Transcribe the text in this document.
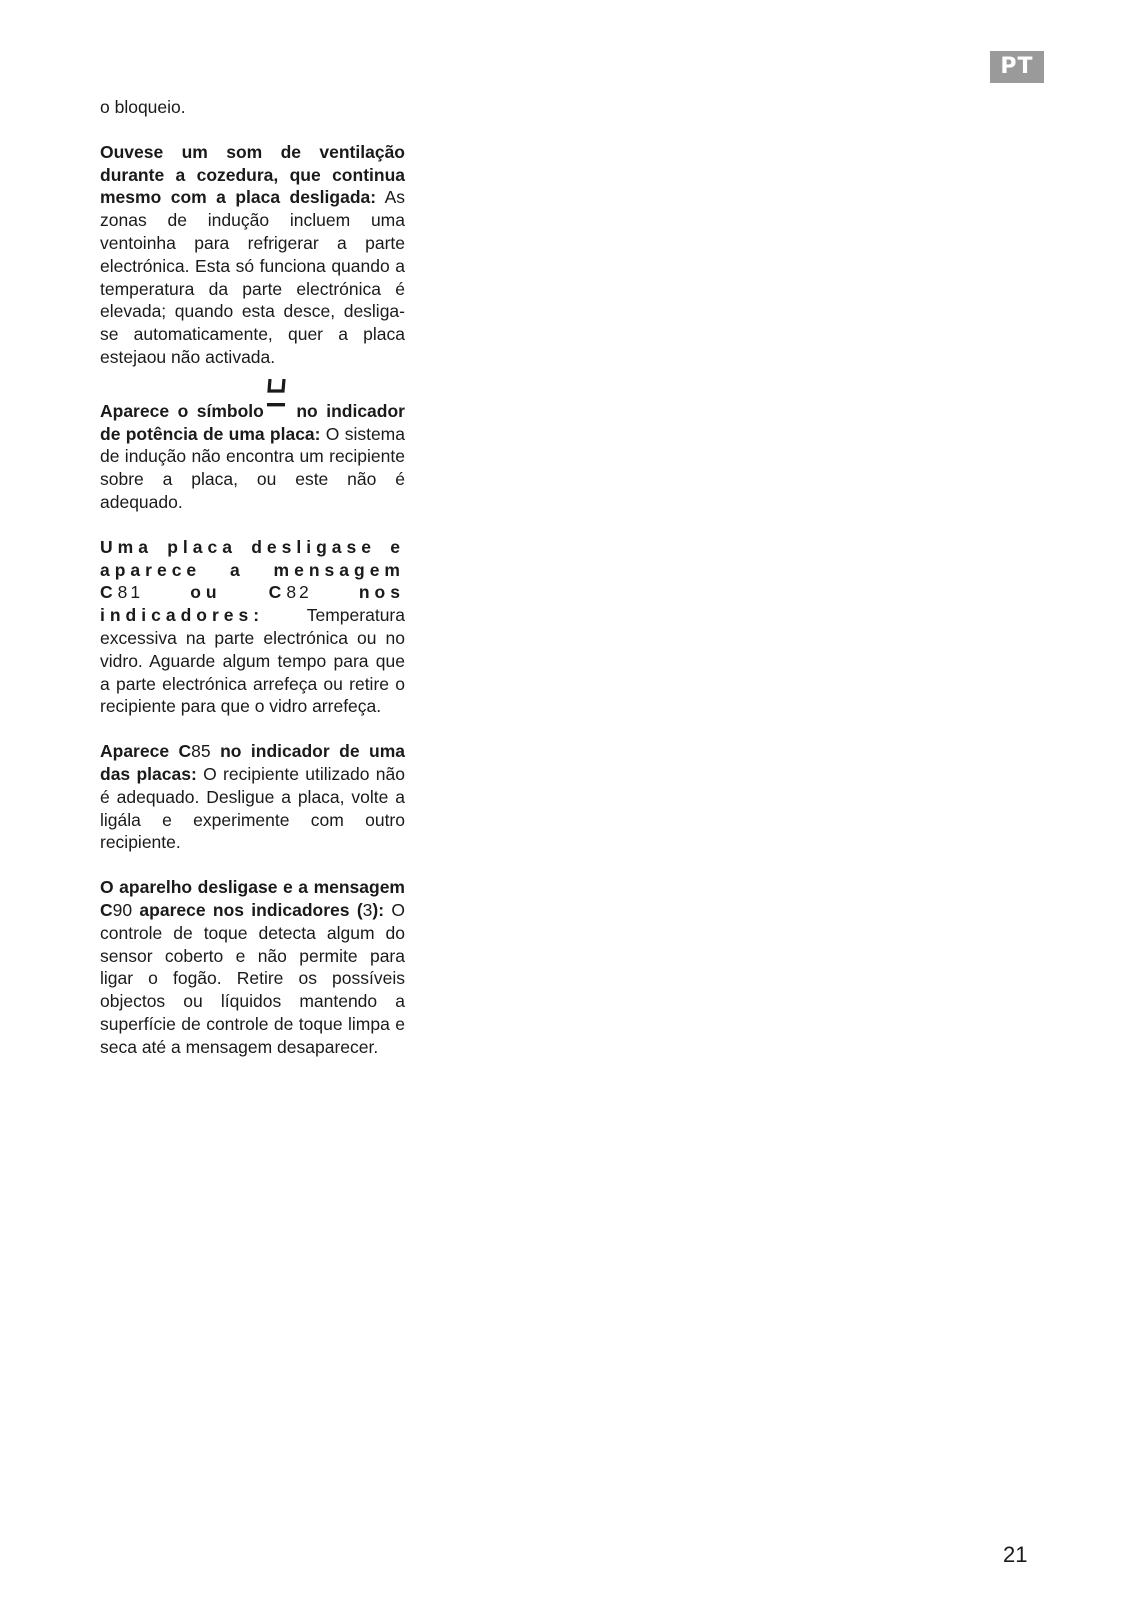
PT

o bloqueio.

Ouvese um som de ventilação durante a cozedura, que continua mesmo com a placa desligada: As zonas de indução incluem uma ventoinha para refrigerar a parte electrónica. Esta só funciona quando a temperatura da parte electrónica é elevada; quando esta desce, desliga-se automaticamente, quer a placa estejaou não activada.

Aparece o símbolo no indicador de potência de uma placa: O sistema de indução não encontra um recipiente sobre a placa, ou este não é adequado.

Uma placa desligase e aparece a mensagem C81 ou C82 nos indicadores: Temperatura excessiva na parte electrónica ou no vidro. Aguarde algum tempo para que a parte electrónica arrefeça ou retire o recipiente para que o vidro arrefeça.

Aparece C85 no indicador de uma das placas: O recipiente utilizado não é adequado. Desligue a placa, volte a ligála e experimente com outro recipiente.

O aparelho desligase e a mensagem C90 aparece nos indicadores (3): O controle de toque detecta algum do sensor coberto e não permite para ligar o fogão. Retire os possíveis objectos ou líquidos mantendo a superfície de controle de toque limpa e seca até a mensagem desaparecer.

21
